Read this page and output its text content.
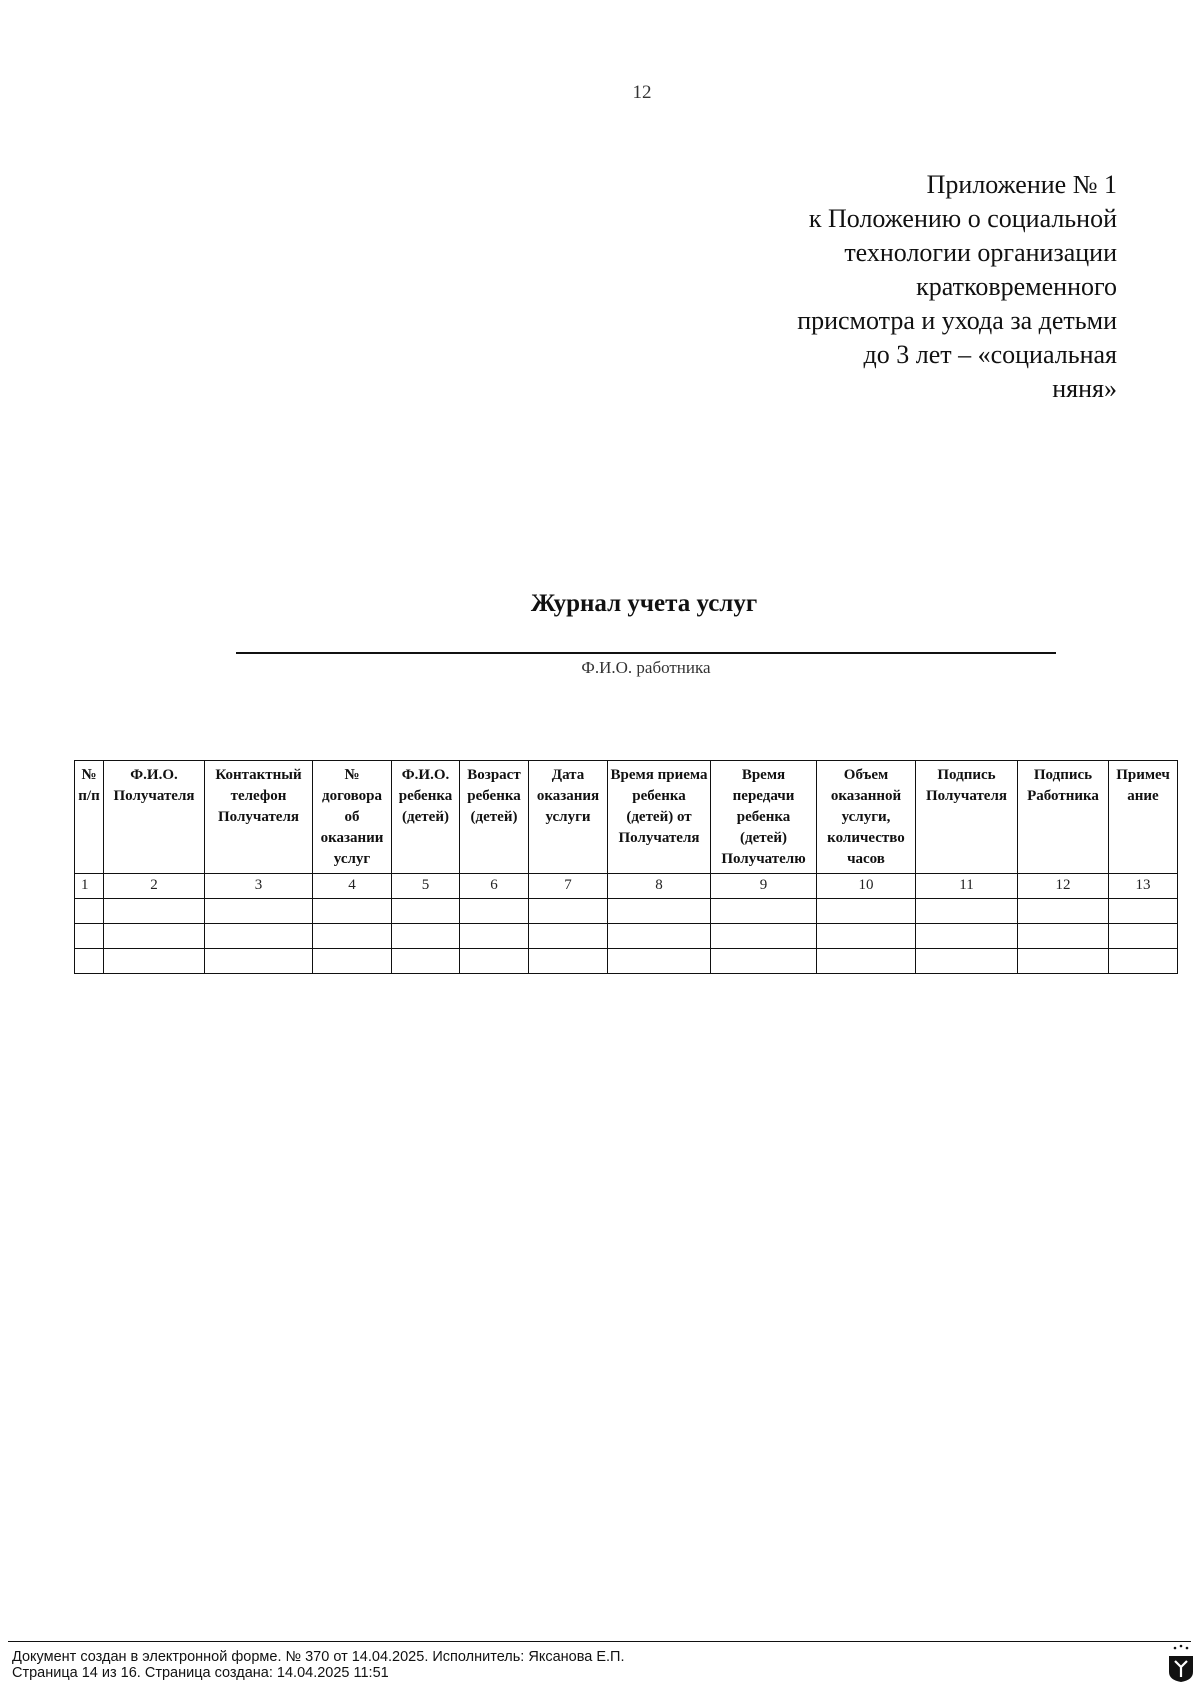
12
Приложение № 1
к Положению о социальной
технологии организации
кратковременного
присмотра и ухода за детьми
до 3 лет – «социальная
няня»
Журнал учета услуг
Ф.И.О. работника
№ п/п	Ф.И.О. Получателя	Контактный телефон Получателя	№ договора об оказании услуг	Ф.И.О. ребенка (детей)	Возраст ребенка (детей)	Дата оказания услуги	Время приема ребенка (детей) от Получателя	Время передачи ребенка (детей) Получателю	Объем оказанной услуги, количество часов	Подпись Получателя	Подпись Работника	Примеч ание
1	2	3	4	5	6	7	8	9	10	11	12	13

Документ создан в электронной форме. № 370 от 14.04.2025. Исполнитель: Яксанова Е.П.
Страница 14 из 16. Страница создана: 14.04.2025 11:51
